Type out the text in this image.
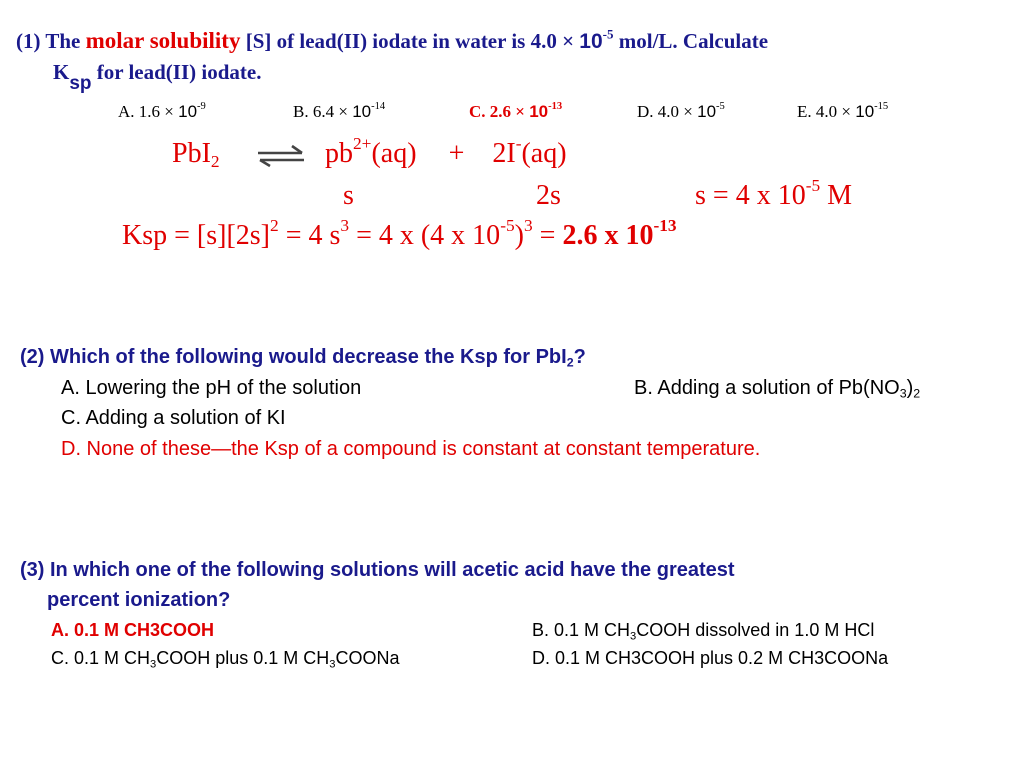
(1) The molar solubility [S] of lead(II) iodate in water is $4.0 \times 10^{-5}$ mol/L. Calculate
Ksp for lead(II) iodate.
A. $1.6 \times 10^{-9}$	B. $6.4 \times 10^{-14}$	C. $2.6 \times 10^{-13}$	D. $4.0 \times 10^{-5}$	E. $4.0 \times 10^{-15}$
PbI$_2$ ⇌ $pb^{2+}(aq) + 2I^-(aq)$
s	2s	s = 4 x $10^{-5}$ M
Ksp = $[s][2s]^2 = 4$ $s^3 = 4$ x (4 x $10^{-5})^3 = 2.6$ x $10^{-13}$
(2) Which of the following would decrease the Ksp for PbI$_2$?
A. Lowering the pH of the solution	B. Adding a solution of $Pb(NO_3)_2$
C. Adding a solution of KI
D. None of these—the Ksp of a compound is constant at constant temperature.
(3) In which one of the following solutions will acetic acid have the greatest
percent ionization?
A. 0.1 M CH3COOH	B. 0.1 M $CH_3COOH$ dissolved in 1.0 M HCl
C. 0.1 M $CH_3COOH$ plus 0.1 M $CH_3COONa$	D. 0.1 M CH3COOH plus 0.2 M CH3COONa
